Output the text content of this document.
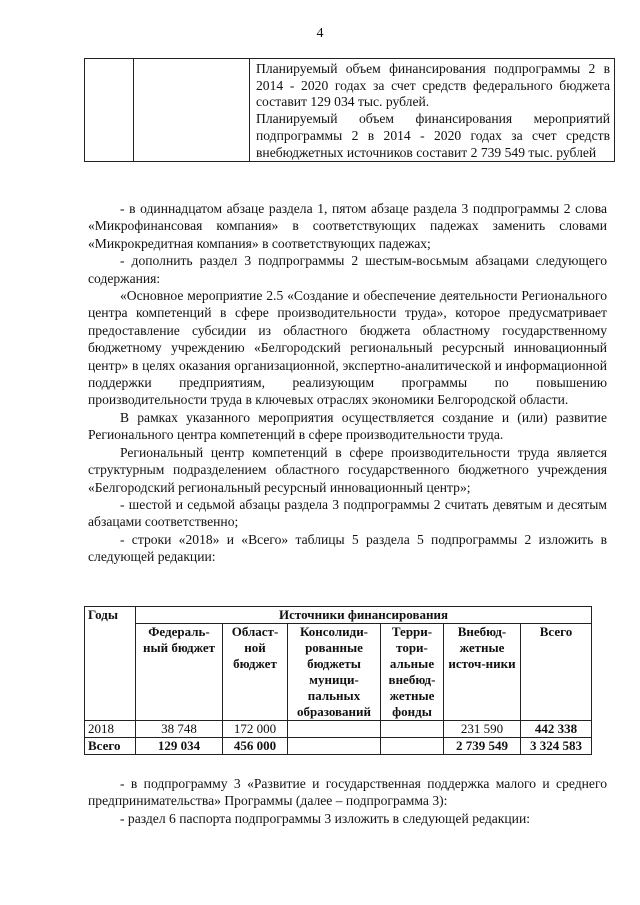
4

Планируемый объем финансирования подпрограммы 2 в 2014 - 2020 годах за счет средств федерального бюджета составит 129 034 тыс. рублей.

Планируемый объем финансирования мероприятий подпрограммы 2 в 2014 - 2020 годах за счет средств внебюджетных источников составит 2 739 549 тыс. рублей

- в одиннадцатом абзаце раздела 1, пятом абзаце раздела 3 подпрограммы 2 слова «Микрофинансовая компания» в соответствующих падежах заменить словами «Микрокредитная компания» в соответствующих падежах;

- дополнить раздел 3 подпрограммы 2 шестым-восьмым абзацами следующего содержания:

«Основное мероприятие 2.5 «Создание и обеспечение деятельности Регионального центра компетенций в сфере производительности труда», которое предусматривает предоставление субсидии из областного бюджета областному государственному бюджетному учреждению «Белгородский региональный ресурсный инновационный центр» в целях оказания организационной, экспертно-аналитической и информационной поддержки предприятиям, реализующим программы по повышению производительности труда в ключевых отраслях экономики Белгородской области.

В рамках указанного мероприятия осуществляется создание и (или) развитие Регионального центра компетенций в сфере производительности труда.

Региональный центр компетенций в сфере производительности труда является структурным подразделением областного государственного бюджетного учреждения «Белгородский региональный ресурсный инновационный центр»;

- шестой и седьмой абзацы раздела 3 подпрограммы 2 считать девятым и десятым абзацами соответственно;

- строки «2018» и «Всего» таблицы 5 раздела 5 подпрограммы 2 изложить в следующей редакции:

Годы	Источники финансирования					
	Федераль-ный бюджет	Област-ной бюджет	Консолиди-рованные бюджеты муници-пальных образований	Терри-тори-альные внебюд-жетные фонды	Внебюд-жетные источ-ники	Всего
2018	38 748	172 000			231 590	442 338
Всего	129 034	456 000			2 739 549	3 324 583

- в подпрограмму 3 «Развитие и государственная поддержка малого и среднего предпринимательства» Программы (далее – подпрограмма 3):

- раздел 6 паспорта подпрограммы 3 изложить в следующей редакции:
